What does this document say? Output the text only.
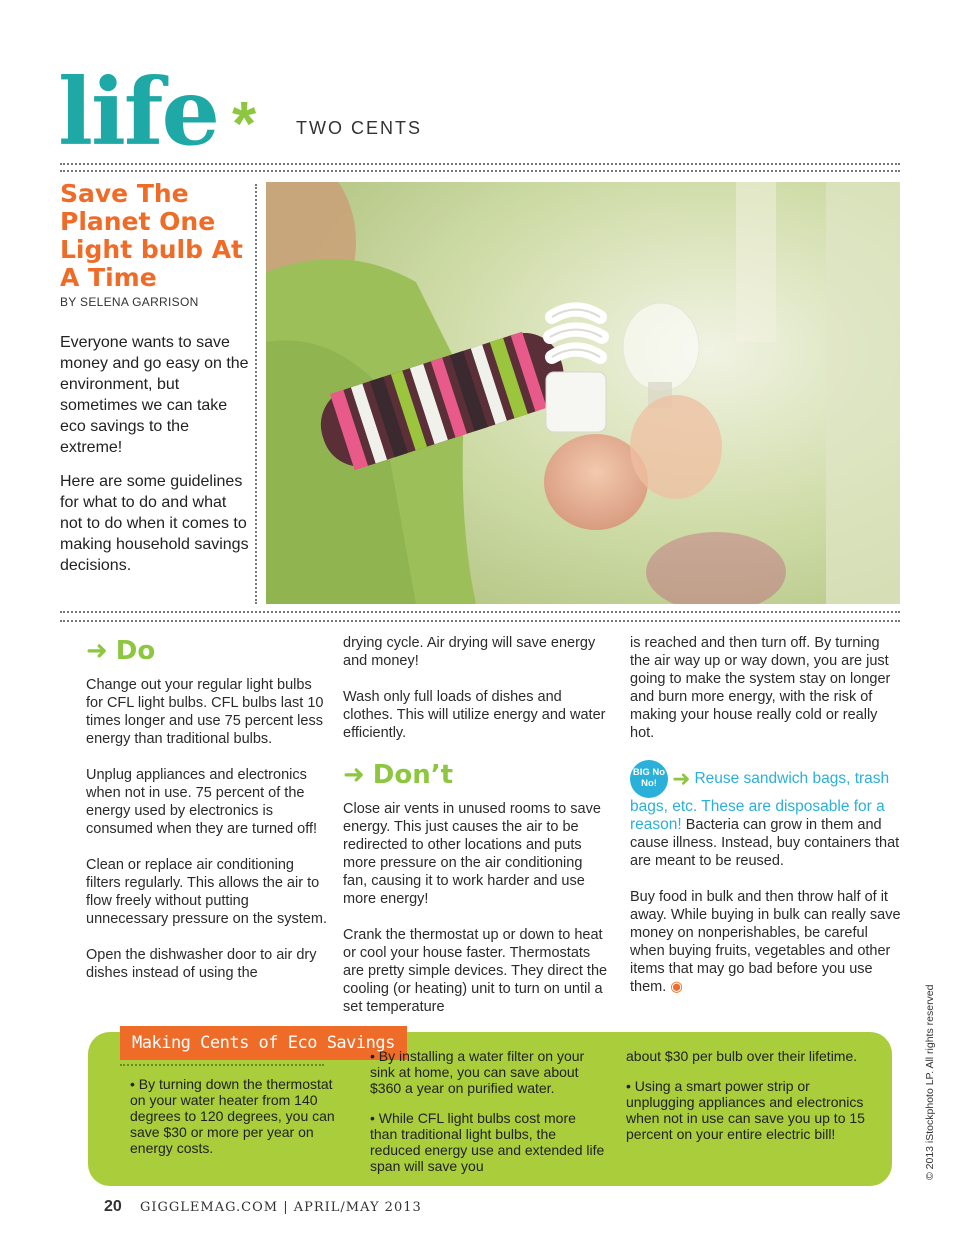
life * TWO CENTS
Save The Planet One Light bulb At A Time
BY SELENA GARRISON

Everyone wants to save money and go easy on the environment, but sometimes we can take eco savings to the extreme!

Here are some guidelines for what to do and what not to do when it comes to making household savings decisions.

➜ Do

Change out your regular light bulbs for CFL light bulbs. CFL bulbs last 10 times longer and use 75 percent less energy than traditional bulbs.

Unplug appliances and electronics when not in use. 75 percent of the energy used by electronics is consumed when they are turned off!

Clean or replace air conditioning filters regularly. This allows the air to flow freely without putting unnecessary pressure on the system.

Open the dishwasher door to air dry dishes instead of using the

drying cycle. Air drying will save energy and money!

Wash only full loads of dishes and clothes. This will utilize energy and water efficiently.

➜ Don’t

Close air vents in unused rooms to save energy. This just causes the air to be redirected to other locations and puts more pressure on the air conditioning fan, causing it to work harder and use more energy!

Crank the thermostat up or down to heat or cool your house faster. Thermostats are pretty simple devices. They direct the cooling (or heating) unit to turn on until a set temperature

is reached and then turn off. By turning the air way up or way down, you are just going to make the system stay on longer and burn more energy, with the risk of making your house really cold or really hot.

BIG No No! ➜ Reuse sandwich bags, trash bags, etc. These are disposable for a reason! Bacteria can grow in them and cause illness. Instead, buy containers that are meant to be reused.

Buy food in bulk and then throw half of it away. While buying in bulk can really save money on nonperishables, be careful when buying fruits, vegetables and other items that may go bad before you use them. ◉

Making Cents of Eco Savings

• By turning down the thermostat on your water heater from 140 degrees to 120 degrees, you can save $30 or more per year on energy costs.

• By installing a water filter on your sink at home, you can save about $360 a year on purified water.

• While CFL light bulbs cost more than traditional light bulbs, the reduced energy use and extended life span will save you

about $30 per bulb over their lifetime.

• Using a smart power strip or unplugging appliances and electronics when not in use can save you up to 15 percent on your entire electric bill!

20 GIGGLEMAG.COM | APRIL/MAY 2013
© 2013 iStockphoto LP. All rights reserved
